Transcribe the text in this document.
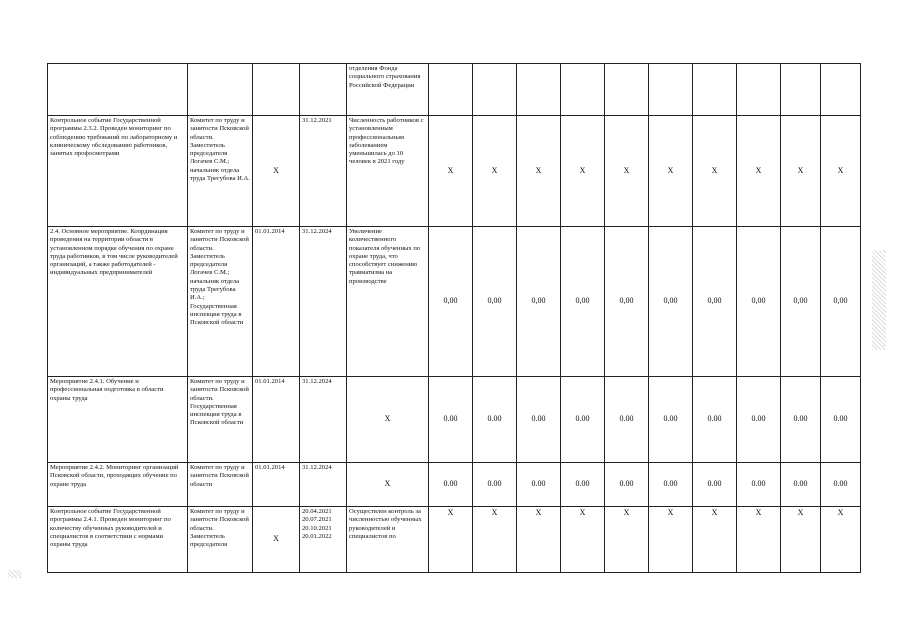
				отделения Фонда социального страхования Российской Федерации										
Контрольное событие Государственной программы 2.3.2. Проведен мониторинг по соблюдению требований по лабораторному и клиническому обследованию работников, занятых профосмотрами	Комитет по труду и занятости Псковской области. Заместитель председателя Логачев С.М.; начальник отдела труда Трегубова И.А.	X	31.12.2021	Численность работников с установленным профессиональным заболеванием уменьшилась до 10 человек в 2021 году	X	X	X	X	X	X	X	X	X	X
2.4. Основное мероприятие. Координация проведения на территории области в установленном порядке обучения по охране труда работников, в том числе руководителей организаций, а также работодателей - индивидуальных предпринимателей	Комитет по труду и занятости Псковской области. Заместитель председателя Логачев С.М.; начальник отдела труда Трегубова И.А.; Государственная инспекция труда в Псковской области	01.01.2014	31.12.2024	Увеличение количественного показателя обученных по охране труда, что способствует снижению травматизма на производстве	0,00	0,00	0,00	0,00	0,00	0,00	0,00	0,00	0,00	0,00
Мероприятие 2.4.1. Обучение и профессиональная подготовка в области охраны труда	Комитет по труду и занятости Псковской области. Государственная инспекция труда в Псковской области	01.01.2014	31.12.2024	X	0.00	0.00	0.00	0.00	0.00	0.00	0.00	0.00	0.00	0.00
Мероприятие 2.4.2. Мониторинг организаций Псковской области, проходящих обучение по охране труда	Комитет по труду и занятости Псковской области	01.01.2014	31.12.2024	X	0.00	0.00	0.00	0.00	0.00	0.00	0.00	0.00	0.00	0.00
Контрольное событие Государственной программы 2.4.1. Проведен мониторинг по количеству обученных руководителей и специалистов в соответствии с нормами охраны труда	Комитет по труду и занятости Псковской области. Заместитель председателя	X	20.04.2021 20.07.2021 20.10.2021 20.01.2022	Осуществлен контроль за численностью обученных руководителей и специалистов по	X	X	X	X	X	X	X	X	X	X
